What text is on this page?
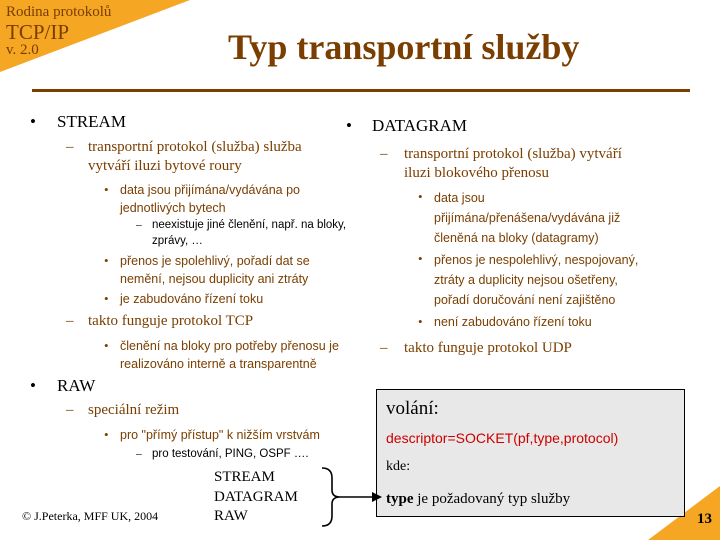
Rodina protokolů
TCP/IP
v. 2.0	Typ transportní služby
• STREAM
– transportní protokol (služba) služba
vytváří iluzi bytové roury
• data jsou přijímána/vydávána po
jednotlivých bytech
– neexistuje jiné členění, např. na bloky,
zprávy, …
• přenos je spolehlivý, pořadí dat se
nemění, nejsou duplicity ani ztráty
• je zabudováno řízení toku
– takto funguje protokol TCP
• členění na bloky pro potřeby přenosu je
realizováno interně a transparentně
• RAW
– speciální režim
• pro "přímý přístup" k nižším vrstvám
– pro testování, PING, OSPF ….
• DATAGRAM
– transportní protokol (služba) vytváří
iluzi blokového přenosu
• data jsou
přijímána/přenášena/vydávána již
členěná na bloky (datagramy)
• přenos je nespolehlivý, nespojovaný,
ztráty a duplicity nejsou ošetřeny,
pořadí doručování není zajištěno
• není zabudováno řízení toku
– takto funguje protokol UDP
volání:
descriptor=SOCKET(pf,type,protocol)
kde:
type je požadovaný typ služby
STREAM
DATAGRAM
RAW
© J.Peterka, MFF UK, 2004	13
